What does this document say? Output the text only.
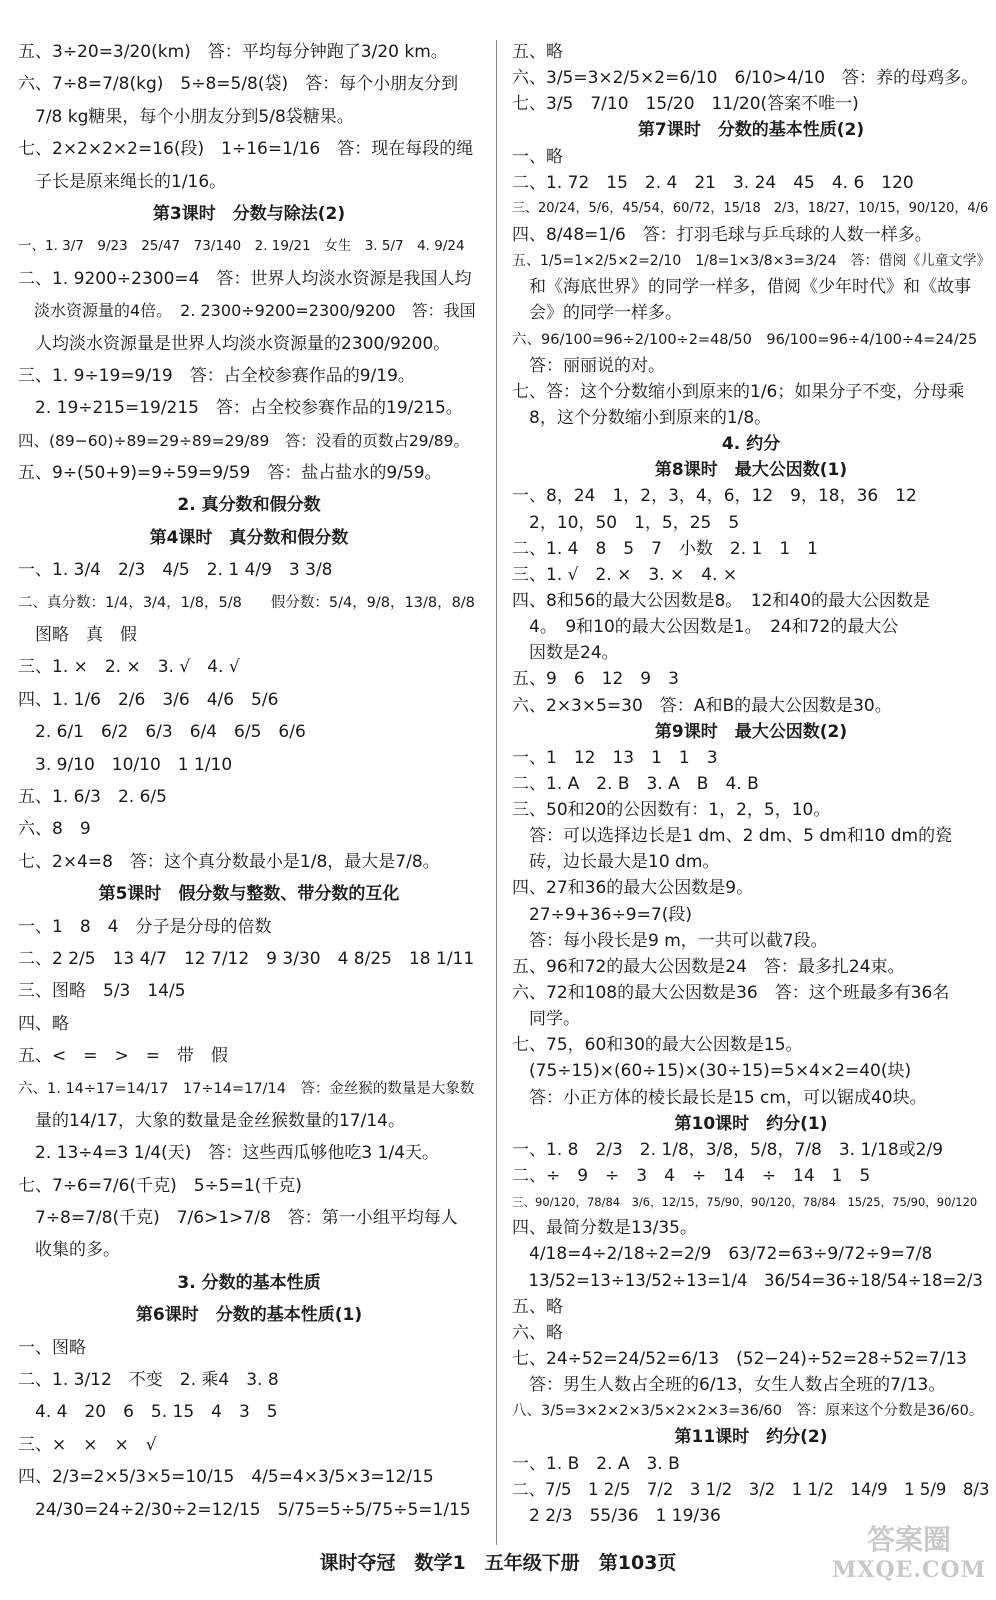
五、3÷20=3/20(km)　答：平均每分钟跑了3/20 km。
六、7÷8=7/8(kg)　5÷8=5/8(袋)　答：每个小朋友分到
　7/8 kg糖果，每个小朋友分到5/8袋糖果。
七、2×2×2×2=16(段)　1÷16=1/16　答：现在每段的绳
　子长是原来绳长的1/16。
第3课时　分数与除法(2)
一、1. 3/7　9/23　25/47　73/140　2. 19/21　女生　3. 5/7　4. 9/24
二、1. 9200÷2300=4　答：世界人均淡水资源是我国人均
　淡水资源量的4倍。　2. 2300÷9200=2300/9200　答：我国
　人均淡水资源量是世界人均淡水资源量的2300/9200。
三、1. 9÷19=9/19　答：占全校参赛作品的9/19。
　2. 19÷215=19/215　答：占全校参赛作品的19/215。
四、(89−60)÷89=29÷89=29/89　答：没看的页数占29/89。
五、9÷(50+9)=9÷59=9/59　答：盐占盐水的9/59。
2. 真分数和假分数
第4课时　真分数和假分数
一、1. 3/4　2/3　4/5　2. 1 4/9　3 3/8
二、真分数：1/4，3/4，1/8，5/8　　假分数：5/4，9/8，13/8，8/8
　图略　真　假
三、1. ×　2. ×　3. √　4. √
四、1. 1/6　2/6　3/6　4/6　5/6
　2. 6/1　6/2　6/3　6/4　6/5　6/6
　3. 9/10　10/10　1 1/10
五、1. 6/3　2. 6/5
六、8　9
七、2×4=8　答：这个真分数最小是1/8，最大是7/8。
第5课时　假分数与整数、带分数的互化
一、1　8　4　分子是分母的倍数
二、2 2/5　13 4/7　12 7/12　9 3/30　4 8/25　18 1/11
三、图略　5/3　14/5
四、略
五、<　=　>　=　带　假
六、1. 14÷17=14/17　17÷14=17/14　答：金丝猴的数量是大象数
　量的14/17，大象的数量是金丝猴数量的17/14。
　2. 13÷4=3 1/4(天)　答：这些西瓜够他吃3 1/4天。
七、7÷6=7/6(千克)　5÷5=1(千克)
　7÷8=7/8(千克)　7/6>1>7/8　答：第一小组平均每人
　收集的多。
3. 分数的基本性质
第6课时　分数的基本性质(1)
一、图略
二、1. 3/12　不变　2. 乘4　3. 8
　4. 4　20　6　5. 15　4　3　5
三、×　×　×　√
四、2/3=2×5/3×5=10/15　4/5=4×3/5×3=12/15
　24/30=24÷2/30÷2=12/15　5/75=5÷5/75÷5=1/15
五、略
六、3/5=3×2/5×2=6/10　6/10>4/10　答：养的母鸡多。
七、3/5　7/10　15/20　11/20(答案不唯一)
第7课时　分数的基本性质(2)
一、略
二、1. 72　15　2. 4　21　3. 24　45　4. 6　120
三、20/24，5/6，45/54，60/72，15/18　2/3，18/27，10/15，90/120，4/6
四、8/48=1/6　答：打羽毛球与乒乓球的人数一样多。
五、1/5=1×2/5×2=2/10　1/8=1×3/8×3=3/24　答：借阅《儿童文学》
　和《海底世界》的同学一样多，借阅《少年时代》和《故事
　会》的同学一样多。
六、96/100=96÷2/100÷2=48/50　96/100=96÷4/100÷4=24/25
　答：丽丽说的对。
七、答：这个分数缩小到原来的1/6；如果分子不变，分母乘
　8，这个分数缩小到原来的1/8。
4. 约分
第8课时　最大公因数(1)
一、8，24　1，2，3，4，6，12　9，18，36　12
　2，10，50　1，5，25　5
二、1. 4　8　5　7　小数　2. 1　1　1
三、1. √　2. ×　3. ×　4. ×
四、8和56的最大公因数是8。　12和40的最大公因数是
　4。　9和10的最大公因数是1。　24和72的最大公
　因数是24。
五、9　6　12　9　3
六、2×3×5=30　答：A和B的最大公因数是30。
第9课时　最大公因数(2)
一、1　12　13　1　1　3
二、1. A　2. B　3. A　B　4. B
三、50和20的公因数有：1，2，5，10。
　答：可以选择边长是1 dm、2 dm、5 dm和10 dm的瓷
　砖，边长最大是10 dm。
四、27和36的最大公因数是9。
　27÷9+36÷9=7(段)
　答：每小段长是9 m，一共可以截7段。
五、96和72的最大公因数是24　答：最多扎24束。
六、72和108的最大公因数是36　答：这个班最多有36名
　同学。
七、75，60和30的最大公因数是15。
　(75÷15)×(60÷15)×(30÷15)=5×4×2=40(块)
　答：小正方体的棱长最长是15 cm，可以锯成40块。
第10课时　约分(1)
一、1. 8　2/3　2. 1/8，3/8，5/8，7/8　3. 1/18或2/9
二、÷　9　÷　3　4　÷　14　÷　14　1　5
三、90/120，78/84　3/6，12/15，75/90，90/120，78/84　15/25，75/90，90/120
四、最简分数是13/35。
　4/18=4÷2/18÷2=2/9　63/72=63÷9/72÷9=7/8
　13/52=13÷13/52÷13=1/4　36/54=36÷18/54÷18=2/3
五、略
六、略
七、24÷52=24/52=6/13　(52−24)÷52=28÷52=7/13
　答：男生人数占全班的6/13，女生人数占全班的7/13。
八、3/5=3×2×2×3/5×2×2×3=36/60　答：原来这个分数是36/60。
第11课时　约分(2)
一、1. B　2. A　3. B
二、7/5　1 2/5　7/2　3 1/2　3/2　1 1/2　14/9　1 5/9　8/3
　2 2/3　55/36　1 19/36
课时夺冠　数学1　五年级下册　第103页
答案圈
MXQE.COM
